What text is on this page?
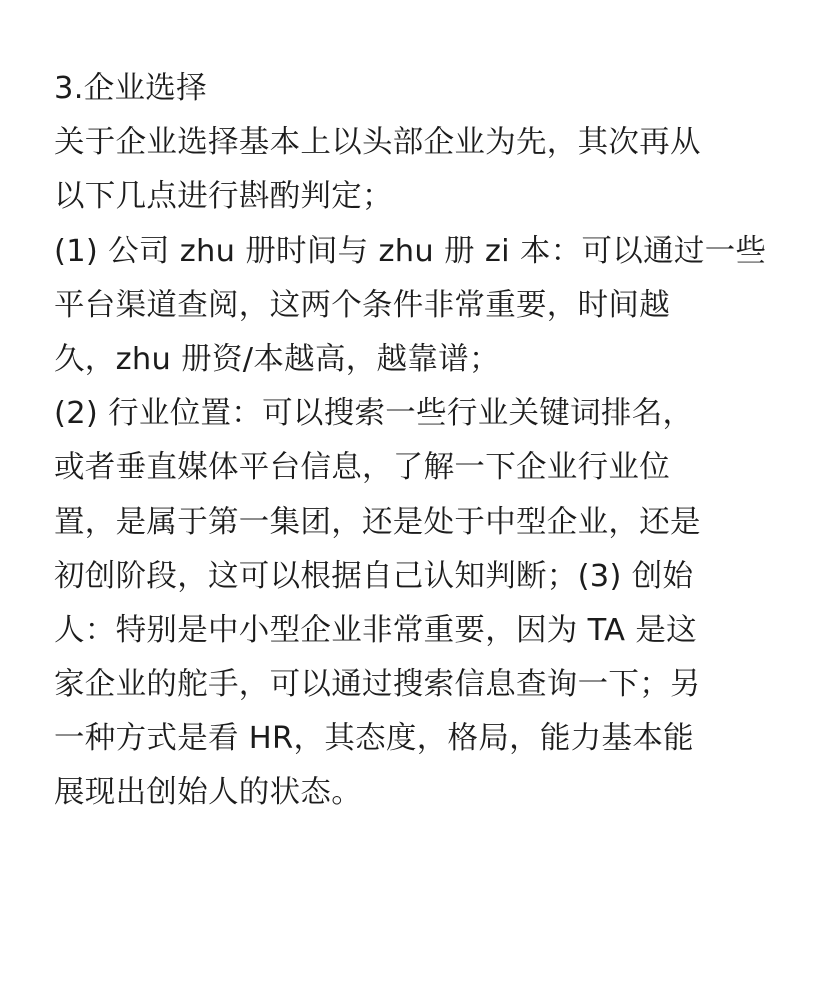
3.企业选择
关于企业选择基本上以头部企业为先，其次再从
以下几点进行斟酌判定；
(1) 公司 zhu 册时间与 zhu 册 zi 本：可以通过一些
平台渠道查阅，这两个条件非常重要，时间越
久，zhu 册资/本越高，越靠谱；
(2) 行业位置：可以搜索一些行业关键词排名，
或者垂直媒体平台信息，了解一下企业行业位
置，是属于第一集团，还是处于中型企业，还是
初创阶段，这可以根据自己认知判断；(3) 创始
人：特别是中小型企业非常重要，因为 TA 是这
家企业的舵手，可以通过搜索信息查询一下；另
一种方式是看 HR，其态度，格局，能力基本能
展现出创始人的状态。
